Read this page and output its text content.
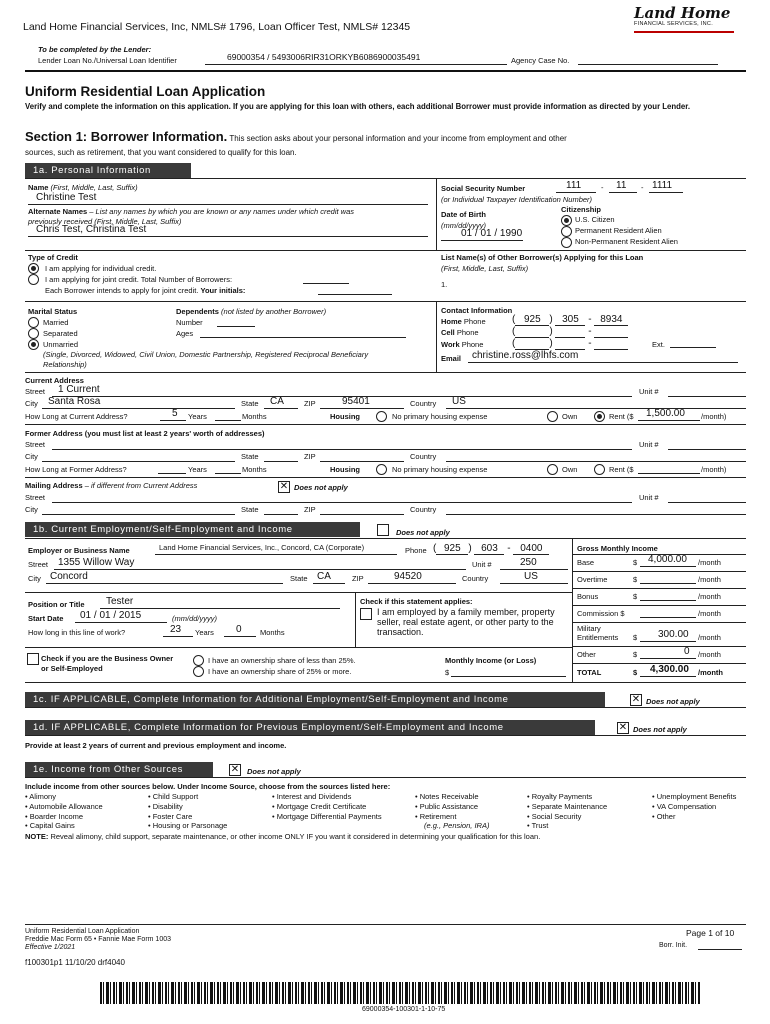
Land Home Financial Services, Inc, NMLS# 1796, Loan Officer Test, NMLS# 12345
Land Home
FINANCIAL SERVICES, INC.
To be completed by the Lender:
Lender Loan No./Universal Loan Identifier	69000354 / 5493006RIR31ORKYB6086900035491	Agency Case No.
Uniform Residential Loan Application
Verify and complete the information on this application. If you are applying for this loan with others, each additional Borrower must provide information as directed by your Lender.
Section 1: Borrower Information. This section asks about your personal information and your income from employment and other
sources, such as retirement, that you want considered to qualify for this loan.
1a. Personal Information
Name (First, Middle, Last, Suffix)
Christine Test
Alternate Names – List any names by which you are known or any names under which credit was previously received (First, Middle, Last, Suffix)
Chris Test, Christina Test
Social Security Number	111	- 11 - 1111
(or Individual Taxpayer Identification Number)
Date of Birth
(mm/dd/yyyy)
01 / 01 / 1990
Citizenship
U.S. Citizen
Permanent Resident Alien
Non-Permanent Resident Alien
Type of Credit
I am applying for individual credit.
I am applying for joint credit. Total Number of Borrowers:
Each Borrower intends to apply for joint credit. Your initials:
List Name(s) of Other Borrower(s) Applying for this Loan
(First, Middle, Last, Suffix)
1.
Marital Status
Married
Separated
Unmarried
(Single, Divorced, Widowed, Civil Union, Domestic Partnership, Registered Reciprocal Beneficiary Relationship)
Dependents (not listed by another Borrower)
Number
Ages
Contact Information
Home Phone	( 925 ) 305 - 8934
Cell Phone	(	)	-
Work Phone	(	)	-	Ext.
Email christine.ross@lhfs.com
Current Address
Street 1 Current	Unit #
City Santa Rosa	State CA	ZIP	95401	Country US
How Long at Current Address?	5 Years	Months	Housing	No primary housing expense	Own	Rent ($ 1,500.00 /month)
Former Address (you must list at least 2 years' worth of addresses)
Street	Unit #
City	State	ZIP	Country
How Long at Former Address?	Years	Months	Housing	No primary housing expense	Own	Rent ($	/month)
Mailing Address – if different from Current Address	✕ Does not apply
Street	Unit #
City	State	ZIP	Country
1b. Current Employment/Self-Employment and Income	Does not apply
Employer or Business Name	Land Home Financial Services, Inc., Concord, CA (Corporate)	Phone ( 925 ) 603 - 0400
Street 1355 Willow Way	Unit #	250
City Concord	State CA	ZIP	94520	Country	US
Position or Title Tester
Start Date 01 / 01 / 2015	(mm/dd/yyyy)
How long in this line of work?	23 Years 0 Months
Check if this statement applies:
I am employed by a family member, property seller, real estate agent, or other party to the transaction.
Check if you are the Business Owner or Self-Employed
I have an ownership share of less than 25%.
I have an ownership share of 25% or more.
Monthly Income (or Loss)
$
Gross Monthly Income
Base	$ 4,000.00 /month
Overtime	$	/month
Bonus	$	/month
Commission $	/month
Military Entitlements	$ 300.00 /month
Other	$	0 /month
TOTAL	$ 4,300.00 /month
1c. IF APPLICABLE, Complete Information for Additional Employment/Self-Employment and Income	✕ Does not apply
1d. IF APPLICABLE, Complete Information for Previous Employment/Self-Employment and Income	✕ Does not apply
Provide at least 2 years of current and previous employment and income.
1e. Income from Other Sources	✕ Does not apply
Include income from other sources below. Under Income Source, choose from the sources listed here:
• Alimony
• Automobile Allowance
• Boarder Income
• Capital Gains
• Child Support
• Disability
• Foster Care
• Housing or Parsonage
• Interest and Dividends
• Mortgage Credit Certificate
• Mortgage Differential Payments
• Notes Receivable
• Public Assistance
• Retirement
(e.g., Pension, IRA)
• Royalty Payments
• Separate Maintenance
• Social Security
• Trust
• Unemployment Benefits
• VA Compensation
• Other
NOTE: Reveal alimony, child support, separate maintenance, or other income ONLY IF you want it considered in determining your qualification for this loan.
Uniform Residential Loan Application
Freddie Mac Form 65 • Fannie Mae Form 1003
Effective 1/2021
Page 1 of 10
Borr. Init.
f100301p1 11/10/20 drf4040
69000354-100301-1-10-75
